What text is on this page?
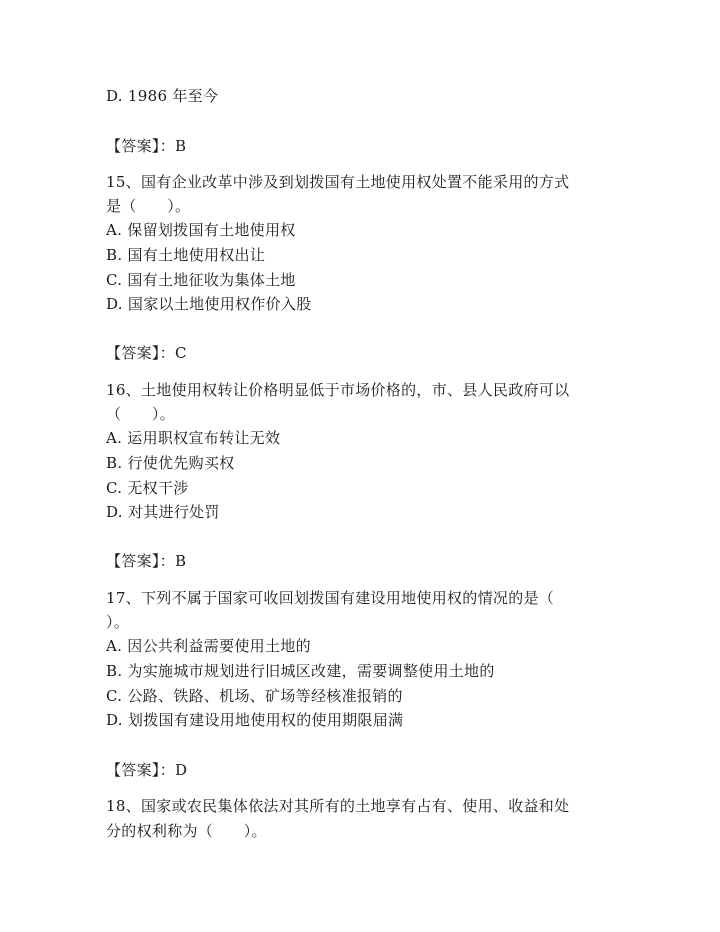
D. 1986 年至今
【答案】：B
15、国有企业改革中涉及到划拨国有土地使用权处置不能采用的方式
是（　　）。
A. 保留划拨国有土地使用权
B. 国有土地使用权出让
C. 国有土地征收为集体土地
D. 国家以土地使用权作价入股
【答案】：C
16、土地使用权转让价格明显低于市场价格的，市、县人民政府可以
（　　）。
A. 运用职权宣布转让无效
B. 行使优先购买权
C. 无权干涉
D. 对其进行处罚
【答案】：B
17、下列不属于国家可收回划拨国有建设用地使用权的情况的是（
）。
A. 因公共利益需要使用土地的
B. 为实施城市规划进行旧城区改建，需要调整使用土地的
C. 公路、铁路、机场、矿场等经核准报销的
D. 划拨国有建设用地使用权的使用期限届满
【答案】：D
18、国家或农民集体依法对其所有的土地享有占有、使用、收益和处
分的权利称为（　　）。
